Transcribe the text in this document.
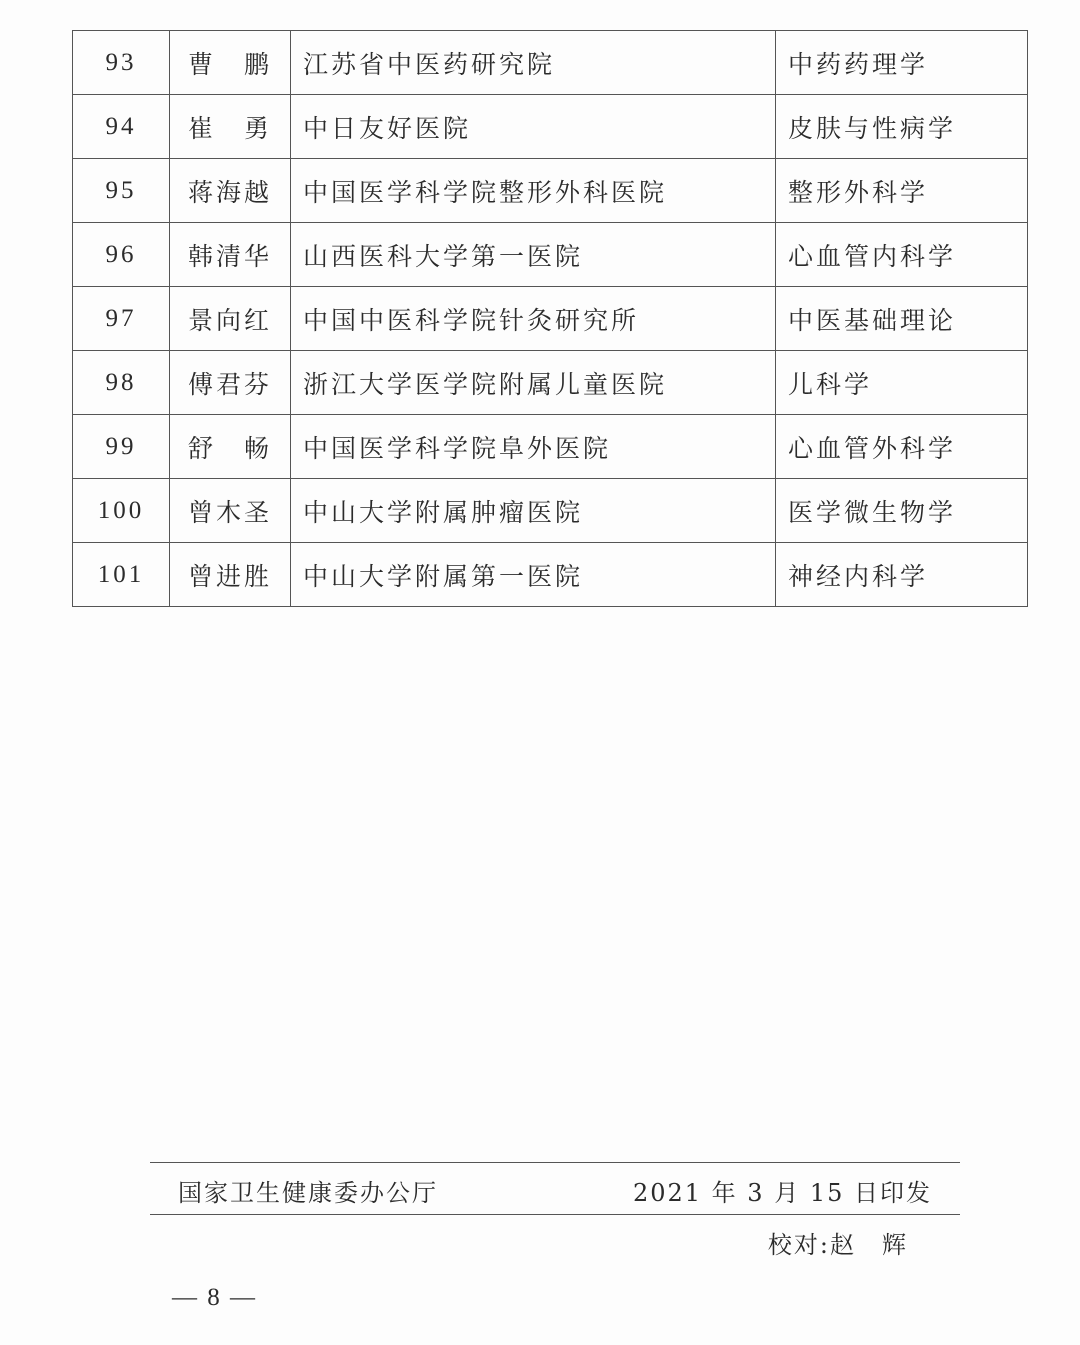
93	曹　鹏	江苏省中医药研究院	中药药理学
94	崔　勇	中日友好医院	皮肤与性病学
95	蒋海越	中国医学科学院整形外科医院	整形外科学
96	韩清华	山西医科大学第一医院	心血管内科学
97	景向红	中国中医科学院针灸研究所	中医基础理论
98	傅君芬	浙江大学医学院附属儿童医院	儿科学
99	舒　畅	中国医学科学院阜外医院	心血管外科学
100	曾木圣	中山大学附属肿瘤医院	医学微生物学
101	曾进胜	中山大学附属第一医院	神经内科学
国家卫生健康委办公厅	2021 年 3 月 15 日印发
校对:赵　辉
— 8 —
